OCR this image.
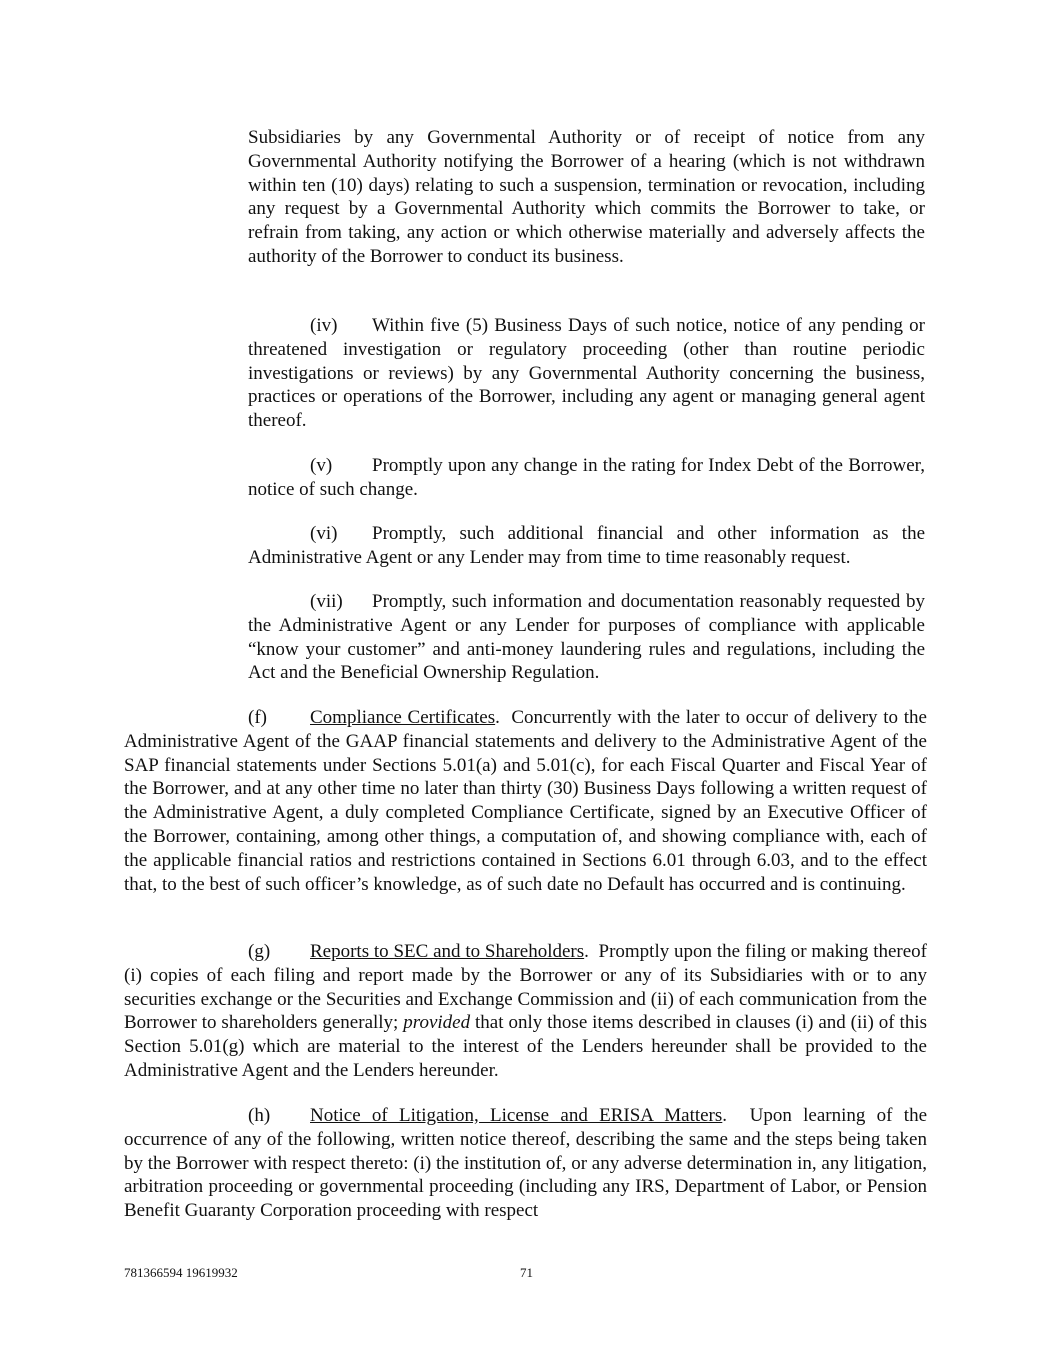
Subsidiaries by any Governmental Authority or of receipt of notice from any Governmental Authority notifying the Borrower of a hearing (which is not withdrawn within ten (10) days) relating to such a suspension, termination or revocation, including any request by a Governmental Authority which commits the Borrower to take, or refrain from taking, any action or which otherwise materially and adversely affects the authority of the Borrower to conduct its business.

(iv) Within five (5) Business Days of such notice, notice of any pending or threatened investigation or regulatory proceeding (other than routine periodic investigations or reviews) by any Governmental Authority concerning the business, practices or operations of the Borrower, including any agent or managing general agent thereof.

(v) Promptly upon any change in the rating for Index Debt of the Borrower, notice of such change.

(vi) Promptly, such additional financial and other information as the Administrative Agent or any Lender may from time to time reasonably request.

(vii) Promptly, such information and documentation reasonably requested by the Administrative Agent or any Lender for purposes of compliance with applicable “know your customer” and anti-money laundering rules and regulations, including the Act and the Beneficial Ownership Regulation.

(f) Compliance Certificates.  Concurrently with the later to occur of delivery to the Administrative Agent of the GAAP financial statements and delivery to the Administrative Agent of the SAP financial statements under Sections 5.01(a) and 5.01(c), for each Fiscal Quarter and Fiscal Year of the Borrower, and at any other time no later than thirty (30) Business Days following a written request of the Administrative Agent, a duly completed Compliance Certificate, signed by an Executive Officer of the Borrower, containing, among other things, a computation of, and showing compliance with, each of the applicable financial ratios and restrictions contained in Sections 6.01 through 6.03, and to the effect that, to the best of such officer’s knowledge, as of such date no Default has occurred and is continuing.

(g) Reports to SEC and to Shareholders.  Promptly upon the filing or making thereof (i) copies of each filing and report made by the Borrower or any of its Subsidiaries with or to any securities exchange or the Securities and Exchange Commission and (ii) of each communication from the Borrower to shareholders generally; provided that only those items described in clauses (i) and (ii) of this Section 5.01(g) which are material to the interest of the Lenders hereunder shall be provided to the Administrative Agent and the Lenders hereunder.

(h) Notice of Litigation, License and ERISA Matters.  Upon learning of the occurrence of any of the following, written notice thereof, describing the same and the steps being taken by the Borrower with respect thereto: (i) the institution of, or any adverse determination in, any litigation, arbitration proceeding or governmental proceeding (including any IRS, Department of Labor, or Pension Benefit Guaranty Corporation proceeding with respect

781366594 19619932	71
